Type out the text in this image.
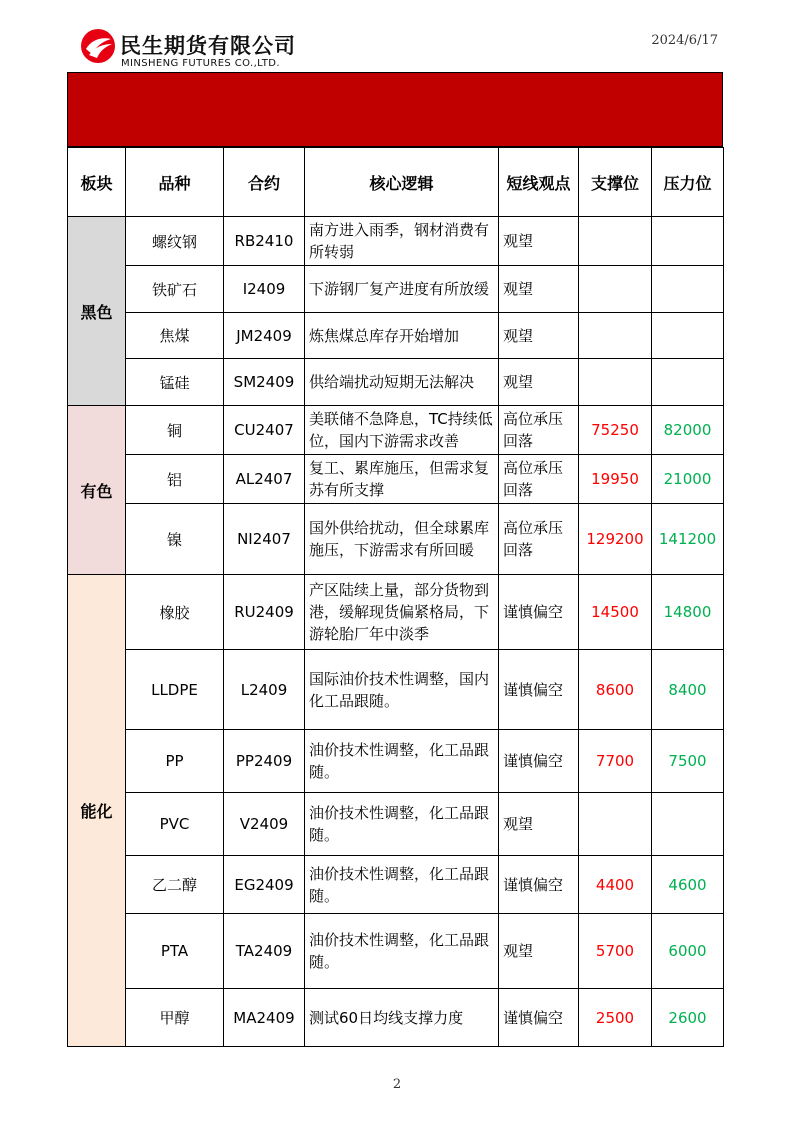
民生期货有限公司
MINSHENG FUTURES CO.,LTD.
2024/6/17
板块	品种	合约	核心逻辑	短线观点	支撑位	压力位
黑色	螺纹钢	RB2410	南方进入雨季，钢材消费有所转弱	观望		
	铁矿石	I2409	下游钢厂复产进度有所放缓	观望		
	焦煤	JM2409	炼焦煤总库存开始增加	观望		
	锰硅	SM2409	供给端扰动短期无法解决	观望		
有色	铜	CU2407	美联储不急降息，TC持续低位，国内下游需求改善	高位承压回落	75250	82000
	铝	AL2407	复工、累库施压，但需求复苏有所支撑	高位承压回落	19950	21000
	镍	NI2407	国外供给扰动，但全球累库施压，下游需求有所回暖	高位承压回落	129200	141200
能化	橡胶	RU2409	产区陆续上量，部分货物到港，缓解现货偏紧格局，下游轮胎厂年中淡季	谨慎偏空	14500	14800
	LLDPE	L2409	国际油价技术性调整，国内化工品跟随。	谨慎偏空	8600	8400
	PP	PP2409	油价技术性调整，化工品跟随。	谨慎偏空	7700	7500
	PVC	V2409	油价技术性调整，化工品跟随。	观望		
	乙二醇	EG2409	油价技术性调整，化工品跟随。	谨慎偏空	4400	4600
	PTA	TA2409	油价技术性调整，化工品跟随。	观望	5700	6000
	甲醇	MA2409	测试60日均线支撑力度	谨慎偏空	2500	2600
2
